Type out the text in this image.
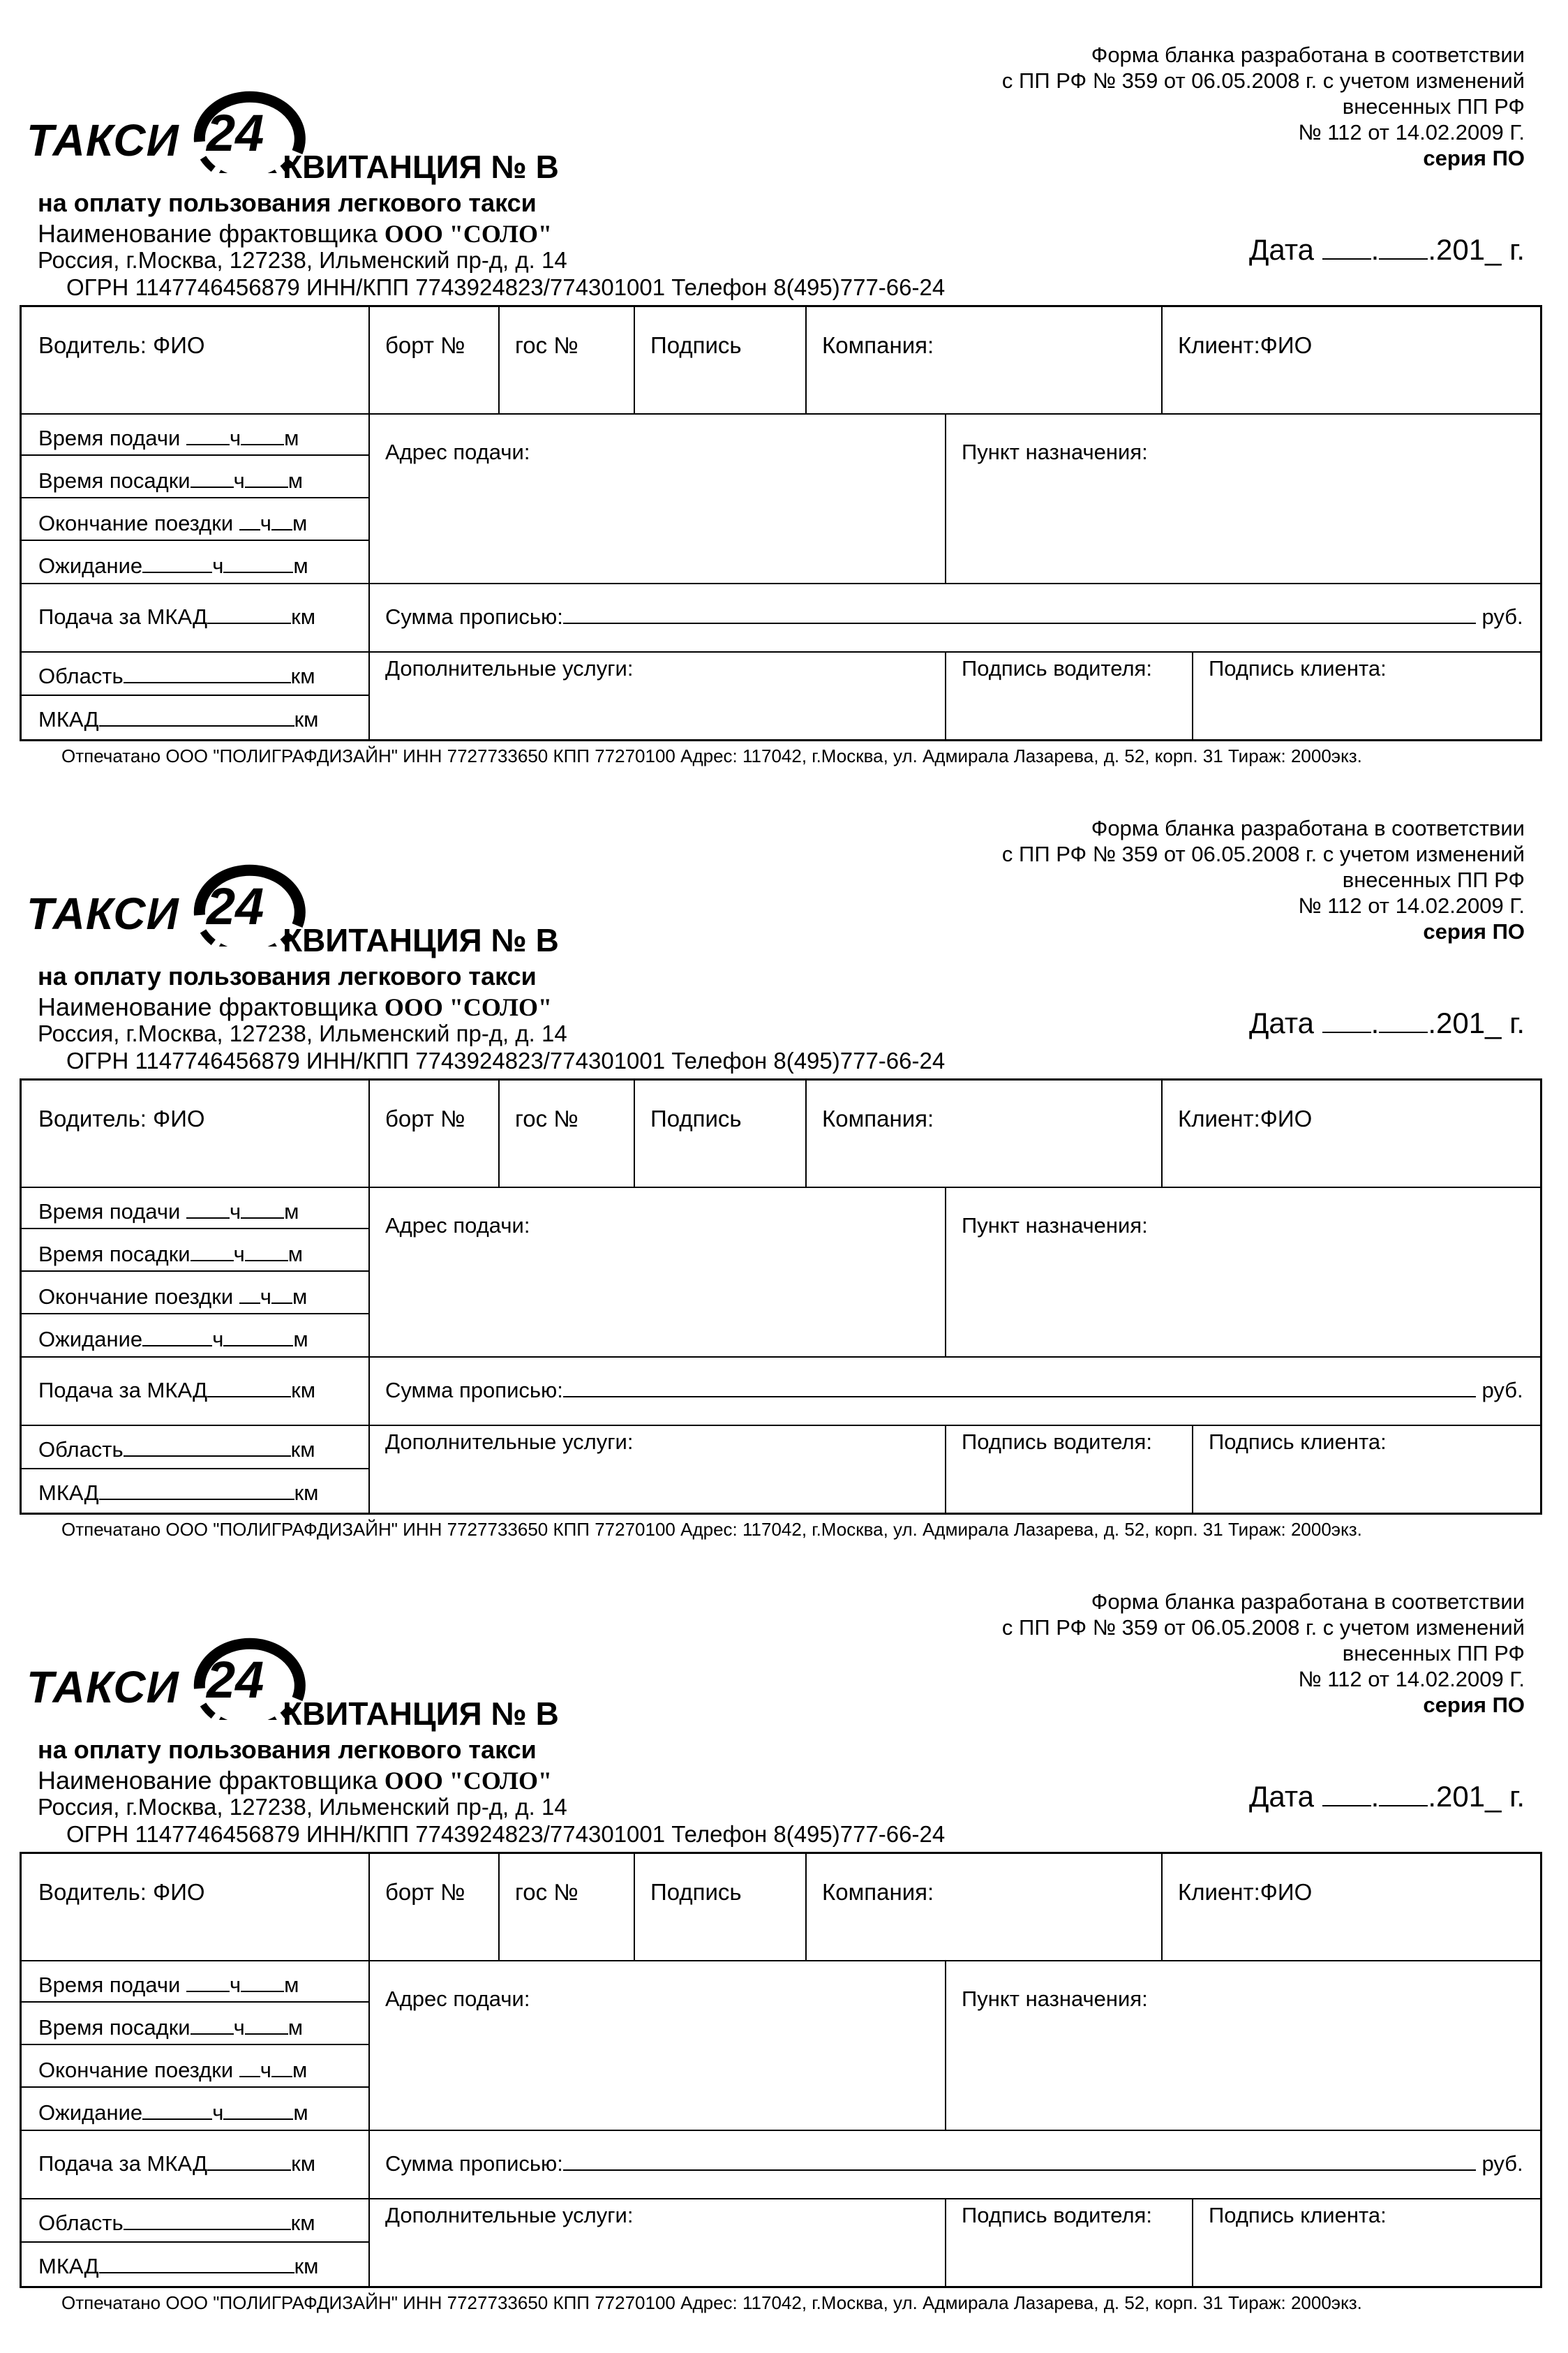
Форма бланка разработана в соответствии
с ПП РФ № 359 от 06.05.2008 г. с учетом изменений
внесенных ПП РФ
№ 112 от 14.02.2009 Г.
серия ПО
ТАКСИ 24
КВИТАНЦИЯ № В
на оплату пользования легкового такси
Наименование фрактовщика ООО "СОЛО"
Россия, г.Москва, 127238, Ильменский пр-д, д. 14
ОГРН 1147746456879 ИНН/КПП 7743924823/774301001 Телефон 8(495)777-66-24
Дата . .201_ г.
Водитель: ФИО	борт № гос №	Подпись	Компания:	Клиент:ФИО
Время подачи ч м
Время посадки ч м
Окончание поездки ч м
Ожидание	ч	м
Адрес подачи:	Пункт назначения:
Подача за МКАД	км	Сумма прописью:	руб.
Область	км
МКАД	км
Дополнительные услуги:	Подпись водителя:	Подпись клиента:
Отпечатано ООО "ПОЛИГРАФДИЗАЙН" ИНН 7727733650 КПП 77270100 Адрес: 117042, г.Москва, ул. Адмирала Лазарева, д. 52, корп. 31 Тираж: 2000экз.
Форма бланка разработана в соответствии
с ПП РФ № 359 от 06.05.2008 г. с учетом изменений
внесенных ПП РФ
№ 112 от 14.02.2009 Г.
серия ПО
ТАКСИ 24
КВИТАНЦИЯ № В
на оплату пользования легкового такси
Наименование фрактовщика ООО "СОЛО"
Россия, г.Москва, 127238, Ильменский пр-д, д. 14
ОГРН 1147746456879 ИНН/КПП 7743924823/774301001 Телефон 8(495)777-66-24
Дата . .201_ г.
Водитель: ФИО	борт № гос №	Подпись	Компания:	Клиент:ФИО
Время подачи ч м
Время посадки ч м
Окончание поездки ч м
Ожидание	ч	м
Адрес подачи:	Пункт назначения:
Подача за МКАД	км	Сумма прописью:	руб.
Область	км
МКАД	км
Дополнительные услуги:	Подпись водителя:	Подпись клиента:
Отпечатано ООО "ПОЛИГРАФДИЗАЙН" ИНН 7727733650 КПП 77270100 Адрес: 117042, г.Москва, ул. Адмирала Лазарева, д. 52, корп. 31 Тираж: 2000экз.
Форма бланка разработана в соответствии
с ПП РФ № 359 от 06.05.2008 г. с учетом изменений
внесенных ПП РФ
№ 112 от 14.02.2009 Г.
серия ПО
ТАКСИ 24
КВИТАНЦИЯ № В
на оплату пользования легкового такси
Наименование фрактовщика ООО "СОЛО"
Россия, г.Москва, 127238, Ильменский пр-д, д. 14
ОГРН 1147746456879 ИНН/КПП 7743924823/774301001 Телефон 8(495)777-66-24
Дата . .201_ г.
Водитель: ФИО	борт № гос №	Подпись	Компания:	Клиент:ФИО
Время подачи ч м
Время посадки ч м
Окончание поездки ч м
Ожидание	ч	м
Адрес подачи:	Пункт назначения:
Подача за МКАД	км	Сумма прописью:	руб.
Область	км
МКАД	км
Дополнительные услуги:	Подпись водителя:	Подпись клиента:
Отпечатано ООО "ПОЛИГРАФДИЗАЙН" ИНН 7727733650 КПП 77270100 Адрес: 117042, г.Москва, ул. Адмирала Лазарева, д. 52, корп. 31 Тираж: 2000экз.
